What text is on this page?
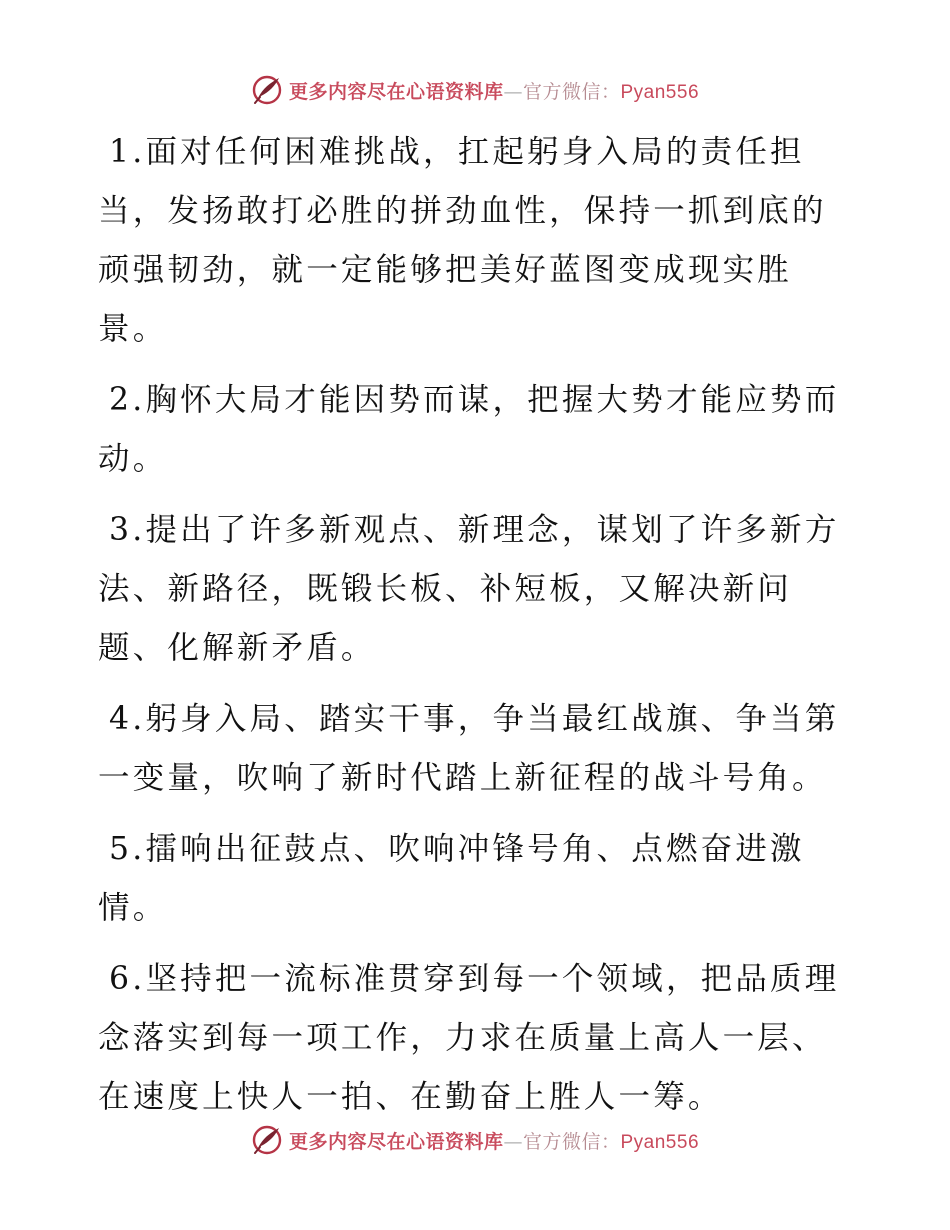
更多内容尽在心语资料库—官方微信：Pyan556

1.面对任何困难挑战，扛起躬身入局的责任担当，发扬敢打必胜的拼劲血性，保持一抓到底的顽强韧劲，就一定能够把美好蓝图变成现实胜景。

2.胸怀大局才能因势而谋，把握大势才能应势而动。

3.提出了许多新观点、新理念，谋划了许多新方法、新路径，既锻长板、补短板，又解决新问题、化解新矛盾。

4.躬身入局、踏实干事，争当最红战旗、争当第一变量，吹响了新时代踏上新征程的战斗号角。

5.擂响出征鼓点、吹响冲锋号角、点燃奋进激情。

6.坚持把一流标准贯穿到每一个领域，把品质理念落实到每一项工作，力求在质量上高人一层、在速度上快人一拍、在勤奋上胜人一筹。

更多内容尽在心语资料库—官方微信：Pyan556
